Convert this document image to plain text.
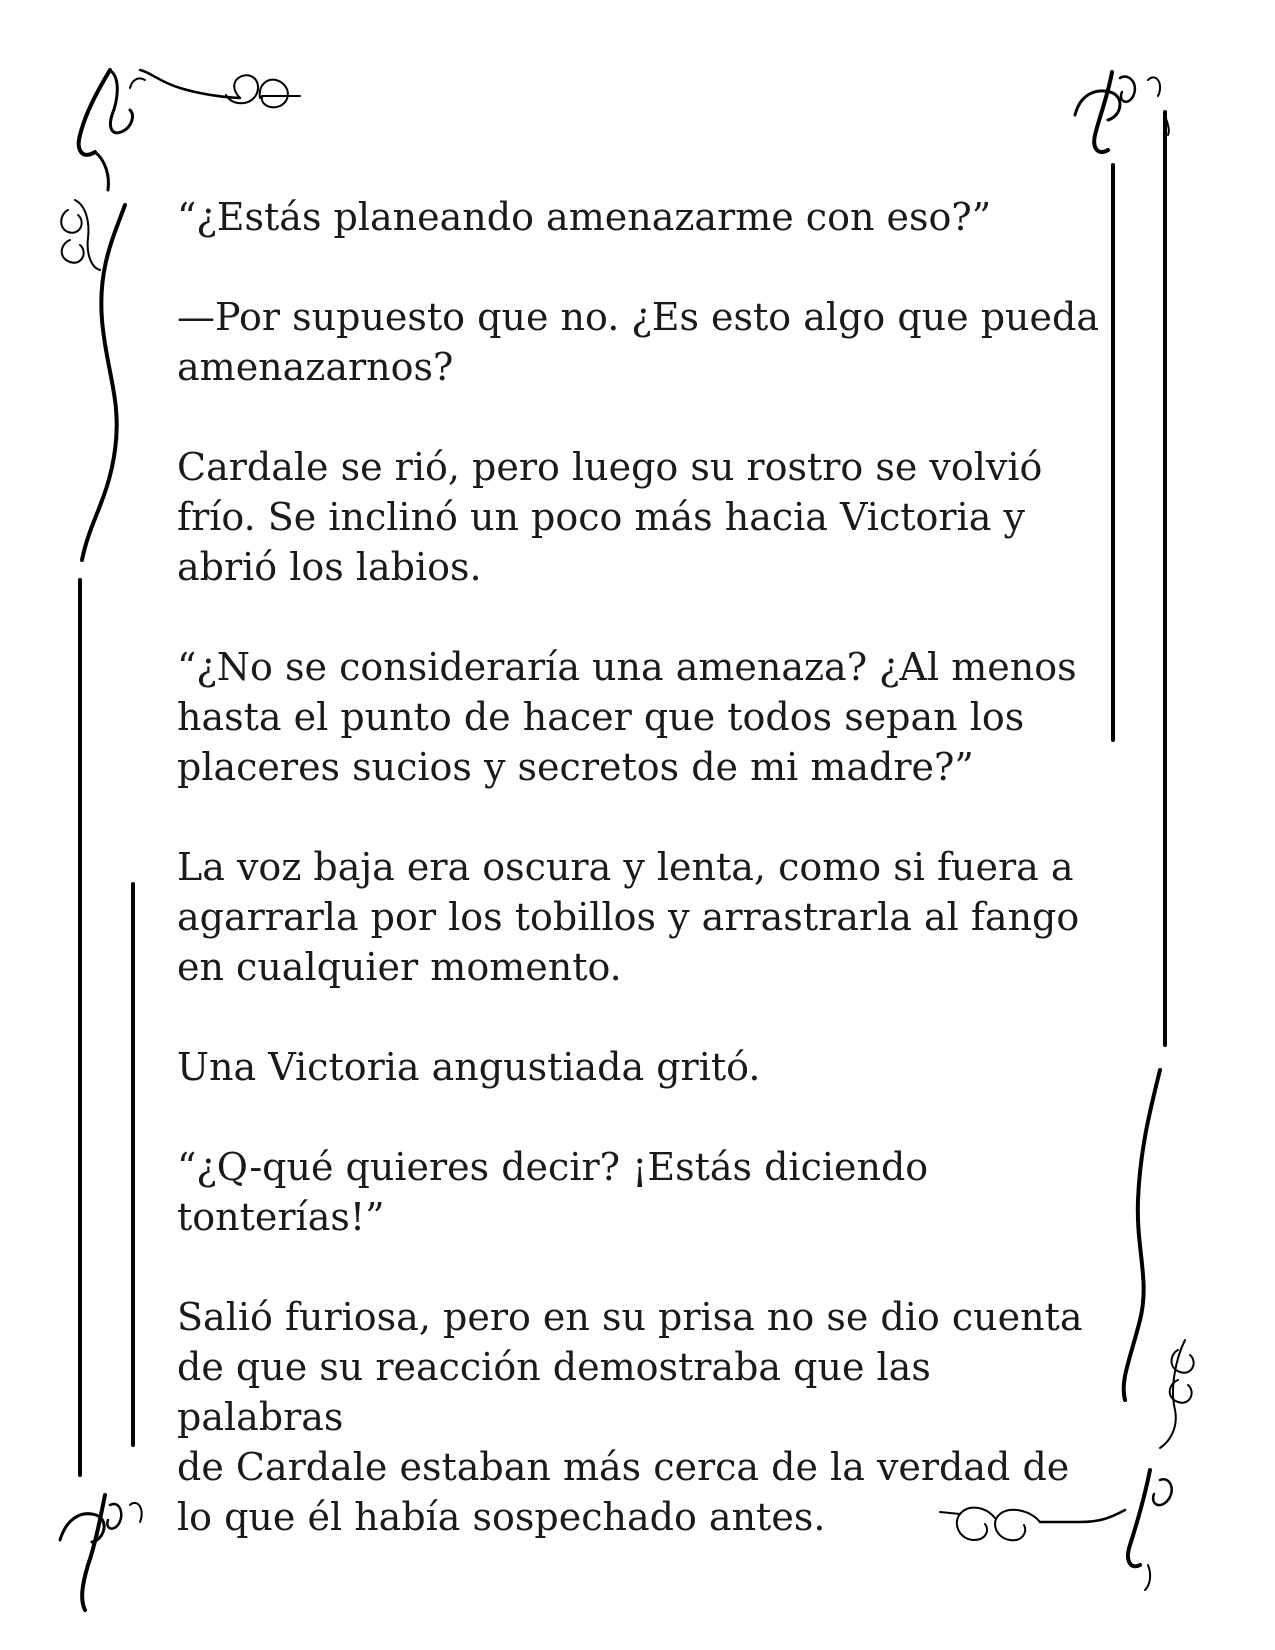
“¿Estás planeando amenazarme con eso?”

—Por supuesto que no. ¿Es esto algo que pueda
amenazarnos?

Cardale se rió, pero luego su rostro se volvió
frío. Se inclinó un poco más hacia Victoria y
abrió los labios.

“¿No se consideraría una amenaza? ¿Al menos
hasta el punto de hacer que todos sepan los
placeres sucios y secretos de mi madre?”

La voz baja era oscura y lenta, como si fuera a
agarrarla por los tobillos y arrastrarla al fango
en cualquier momento.

Una Victoria angustiada gritó.

“¿Q-qué quieres decir? ¡Estás diciendo
tonterías!”

Salió furiosa, pero en su prisa no se dio cuenta
de que su reacción demostraba que las palabras
de Cardale estaban más cerca de la verdad de
lo que él había sospechado antes.
